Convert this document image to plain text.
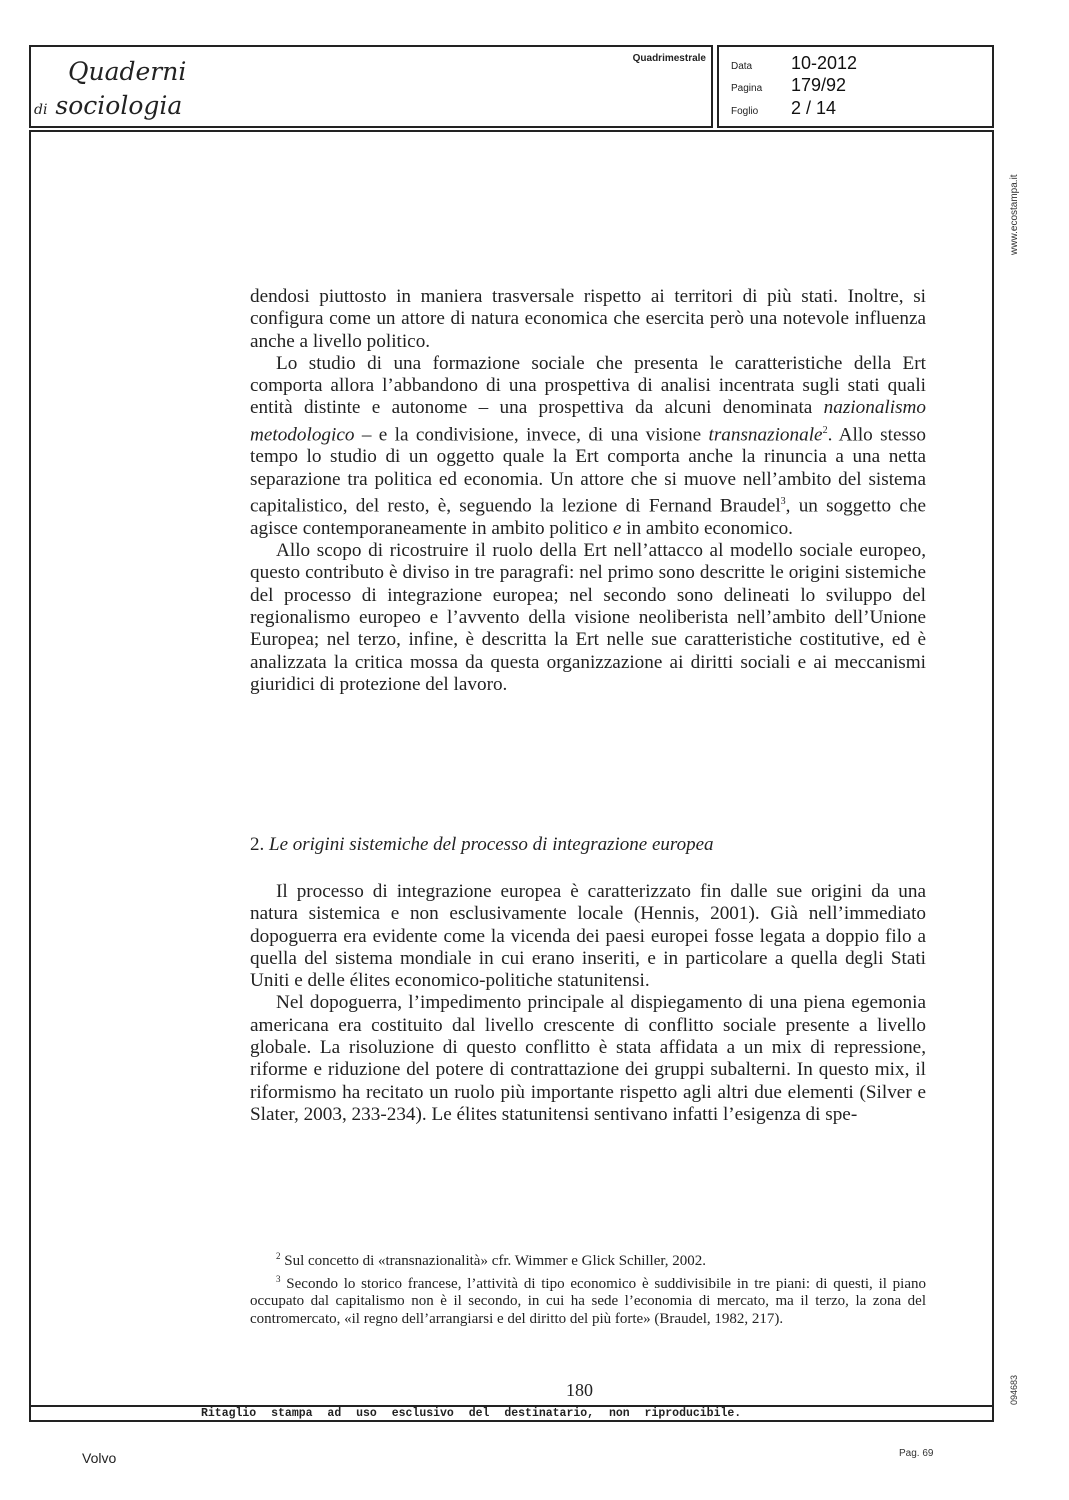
Quaderni
di sociologia
Quadrimestrale
Data 10-2012
Pagina 179/92
Foglio 2 / 14
www.ecostampa.it
094683

dendosi piuttosto in maniera trasversale rispetto ai territori di più stati. Inoltre, si configura come un attore di natura economica che esercita però una notevole influenza anche a livello politico.

Lo studio di una formazione sociale che presenta le caratteristiche della Ert comporta allora l’abbandono di una prospettiva di analisi incentrata sugli stati quali entità distinte e autonome – una prospettiva da alcuni denominata nazionalismo metodologico – e la condivisione, invece, di una visione transnazionale$^2$. Allo stesso tempo lo studio di un oggetto quale la Ert comporta anche la rinuncia a una netta separazione tra politica ed economia. Un attore che si muove nell’ambito del sistema capitalistico, del resto, è, seguendo la lezione di Fernand Braudel$^3$, un soggetto che agisce contemporaneamente in ambito politico e in ambito economico.

Allo scopo di ricostruire il ruolo della Ert nell’attacco al modello sociale europeo, questo contributo è diviso in tre paragrafi: nel primo sono descritte le origini sistemiche del processo di integrazione europea; nel secondo sono delineati lo sviluppo del regionalismo europeo e l’avvento della visione neoliberista nell’ambito dell’Unione Europea; nel terzo, infine, è descritta la Ert nelle sue caratteristiche costitutive, ed è analizzata la critica mossa da questa organizzazione ai diritti sociali e ai meccanismi giuridici di protezione del lavoro.

2. Le origini sistemiche del processo di integrazione europea

Il processo di integrazione europea è caratterizzato fin dalle sue origini da una natura sistemica e non esclusivamente locale (Hennis, 2001). Già nell’immediato dopoguerra era evidente come la vicenda dei paesi europei fosse legata a doppio filo a quella del sistema mondiale in cui erano inseriti, e in particolare a quella degli Stati Uniti e delle élites economico-politiche statunitensi.

Nel dopoguerra, l’impedimento principale al dispiegamento di una piena egemonia americana era costituito dal livello crescente di conflitto sociale presente a livello globale. La risoluzione di questo conflitto è stata affidata a un mix di repressione, riforme e riduzione del potere di contrattazione dei gruppi subalterni. In questo mix, il riformismo ha recitato un ruolo più importante rispetto agli altri due elementi (Silver e Slater, 2003, 233-234). Le élites statunitensi sentivano infatti l’esigenza di spe-

$^2$ Sul concetto di «transnazionalità» cfr. Wimmer e Glick Schiller, 2002.

$^3$ Secondo lo storico francese, l’attività di tipo economico è suddivisibile in tre piani: di questi, il piano occupato dal capitalismo non è il secondo, in cui ha sede l’economia di mercato, ma il terzo, la zona del contromercato, «il regno dell’arrangiarsi e del diritto del più forte» (Braudel, 1982, 217).

180
Ritaglio stampa ad uso esclusivo del destinatario, non riproducibile.
Volvo	Pag. 69
